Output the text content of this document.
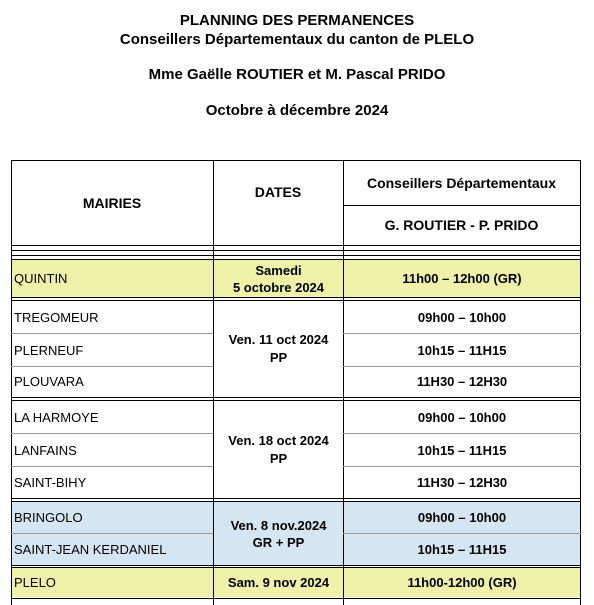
PLANNING DES PERMANENCES
Conseillers Départementaux du canton de PLELO
Mme Gaëlle ROUTIER et M. Pascal PRIDO
Octobre à décembre 2024
MAIRIES
DATES
Conseillers Départementaux
G. ROUTIER - P. PRIDO
QUINTIN
Samedi
5 octobre 2024
11h00 – 12h00 (GR)
TREGOMEUR
PLERNEUF
PLOUVARA
Ven. 11 oct 2024
PP
09h00 – 10h00
10h15 – 11H15
11H30 – 12H30
LA HARMOYE
LANFAINS
SAINT-BIHY
Ven. 18 oct 2024
PP
09h00 – 10h00
10h15 – 11H15
11H30 – 12H30
BRINGOLO
SAINT-JEAN KERDANIEL
Ven. 8 nov.2024
GR + PP
09h00 – 10h00
10h15 – 11H15
PLELO	Sam. 9 nov 2024	11h00-12h00 (GR)
